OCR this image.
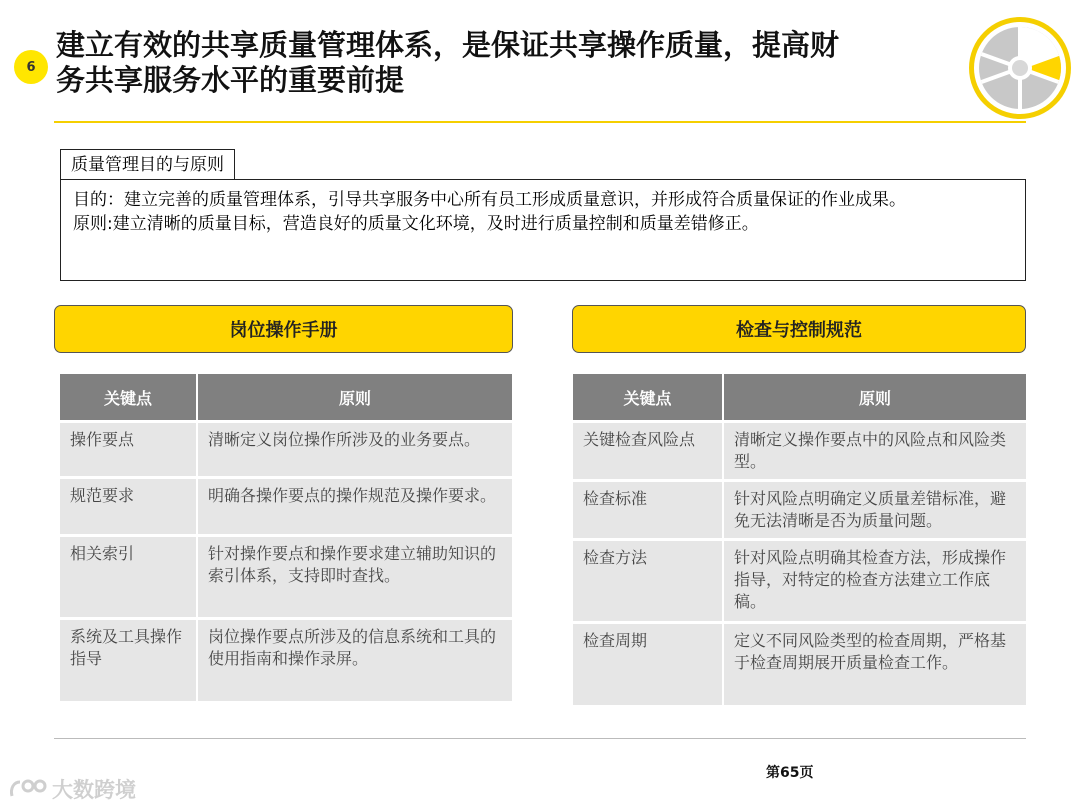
6
建立有效的共享质量管理体系，是保证共享操作质量，提高财
务共享服务水平的重要前提
质量管理目的与原则

目的：建立完善的质量管理体系，引导共享服务中心所有员工形成质量意识，并形成符合质量保证的作业成果。

原则:建立清晰的质量目标，营造良好的质量文化环境，及时进行质量控制和质量差错修正。

岗位操作手册	检查与控制规范
关键点	原则
操作要点	清晰定义岗位操作所涉及的业务要点。
规范要求	明确各操作要点的操作规范及操作要求。
相关索引	针对操作要点和操作要求建立辅助知识的索引体系，支持即时查找。
系统及工具操作指导	岗位操作要点所涉及的信息系统和工具的使用指南和操作录屏。
关键点	原则
关键检查风险点	清晰定义操作要点中的风险点和风险类型。
检查标准	针对风险点明确定义质量差错标准，避免无法清晰是否为质量问题。
检查方法	针对风险点明确其检查方法，形成操作指导，对特定的检查方法建立工作底稿。
检查周期	定义不同风险类型的检查周期，严格基于检查周期展开质量检查工作。
第65页
大数跨境
